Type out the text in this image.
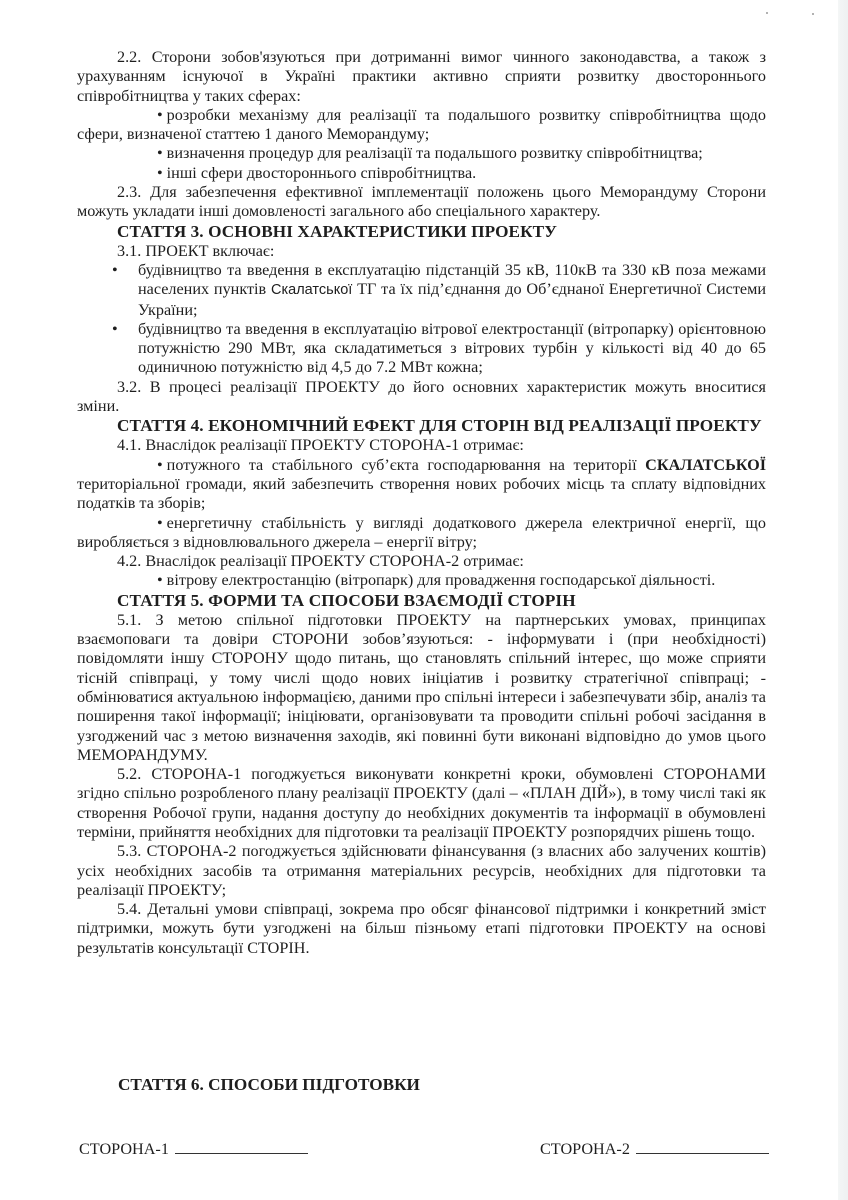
2.2. Сторони зобов'язуються при дотриманні вимог чинного законодавства, а також з урахуванням існуючої в Україні практики активно сприяти розвитку двостороннього співробітництва у таких сферах:

• розробки механізму для реалізації та подальшого розвитку співробітництва щодо сфери, визначеної статтею 1 даного Меморандуму;

• визначення процедур для реалізації та подальшого розвитку співробітництва;

• інші сфери двостороннього співробітництва.

2.3. Для забезпечення ефективної імплементації положень цього Меморандуму Сторони можуть укладати інші домовленості загального або спеціального характеру.

СТАТТЯ 3. ОСНОВНІ ХАРАКТЕРИСТИКИ ПРОЕКТУ

3.1. ПРОЕКТ включає:

• будівництво та введення в експлуатацію підстанцій 35 кВ, 110кВ та 330 кВ поза межами населених пунктів Скалатської ТГ та їх під’єднання до Об’єднаної Енергетичної Системи України;

• будівництво та введення в експлуатацію вітрової електростанції (вітропарку) орієнтовною потужністю 290 МВт, яка складатиметься з вітрових турбін у кількості від 40 до 65 одиничною потужністю від 4,5 до 7.2 МВт кожна;

3.2. В процесі реалізації ПРОЕКТУ до його основних характеристик можуть вноситися зміни.

СТАТТЯ 4. ЕКОНОМІЧНИЙ ЕФЕКТ ДЛЯ СТОРІН ВІД РЕАЛІЗАЦІЇ ПРОЕКТУ

4.1. Внаслідок реалізації ПРОЕКТУ СТОРОНА-1 отримає:

• потужного та стабільного суб’єкта господарювання на території СКАЛАТСЬКОЇ територіальної громади, який забезпечить створення нових робочих місць та сплату відповідних податків та зборів;

• енергетичну стабільність у вигляді додаткового джерела електричної енергії, що виробляється з відновлювального джерела – енергії вітру;

4.2. Внаслідок реалізації ПРОЕКТУ СТОРОНА-2 отримає:

• вітрову електростанцію (вітропарк) для провадження господарської діяльності.

СТАТТЯ 5. ФОРМИ ТА СПОСОБИ ВЗАЄМОДІЇ СТОРІН

5.1. З метою спільної підготовки ПРОЕКТУ на партнерських умовах, принципах взаємоповаги та довіри СТОРОНИ зобов’язуються: - інформувати і (при необхідності) повідомляти іншу СТОРОНУ щодо питань, що становлять спільний інтерес, що може сприяти тісній співпраці, у тому числі щодо нових ініціатив і розвитку стратегічної співпраці; - обмінюватися актуальною інформацією, даними про спільні інтереси і забезпечувати збір, аналіз та поширення такої інформації; ініціювати, організовувати та проводити спільні робочі засідання в узгоджений час з метою визначення заходів, які повинні бути виконані відповідно до умов цього МЕМОРАНДУМУ.

5.2. СТОРОНА-1 погоджується виконувати конкретні кроки, обумовлені СТОРОНАМИ згідно спільно розробленого плану реалізації ПРОЕКТУ (далі – «ПЛАН ДІЙ»), в тому числі такі як створення Робочої групи, надання доступу до необхідних документів та інформації в обумовлені терміни, прийняття необхідних для підготовки та реалізації ПРОЕКТУ розпорядчих рішень тощо.

5.3. СТОРОНА-2 погоджується здійснювати фінансування (з власних або залучених коштів) усіх необхідних засобів та отримання матеріальних ресурсів, необхідних для підготовки та реалізації ПРОЕКТУ;

5.4. Детальні умови співпраці, зокрема про обсяг фінансової підтримки і конкретний зміст підтримки, можуть бути узгоджені на більш пізньому етапі підготовки ПРОЕКТУ на основі результатів консультації СТОРІН.

СТАТТЯ 6. СПОСОБИ ПІДГОТОВКИ
СТОРОНА-1	СТОРОНА-2
